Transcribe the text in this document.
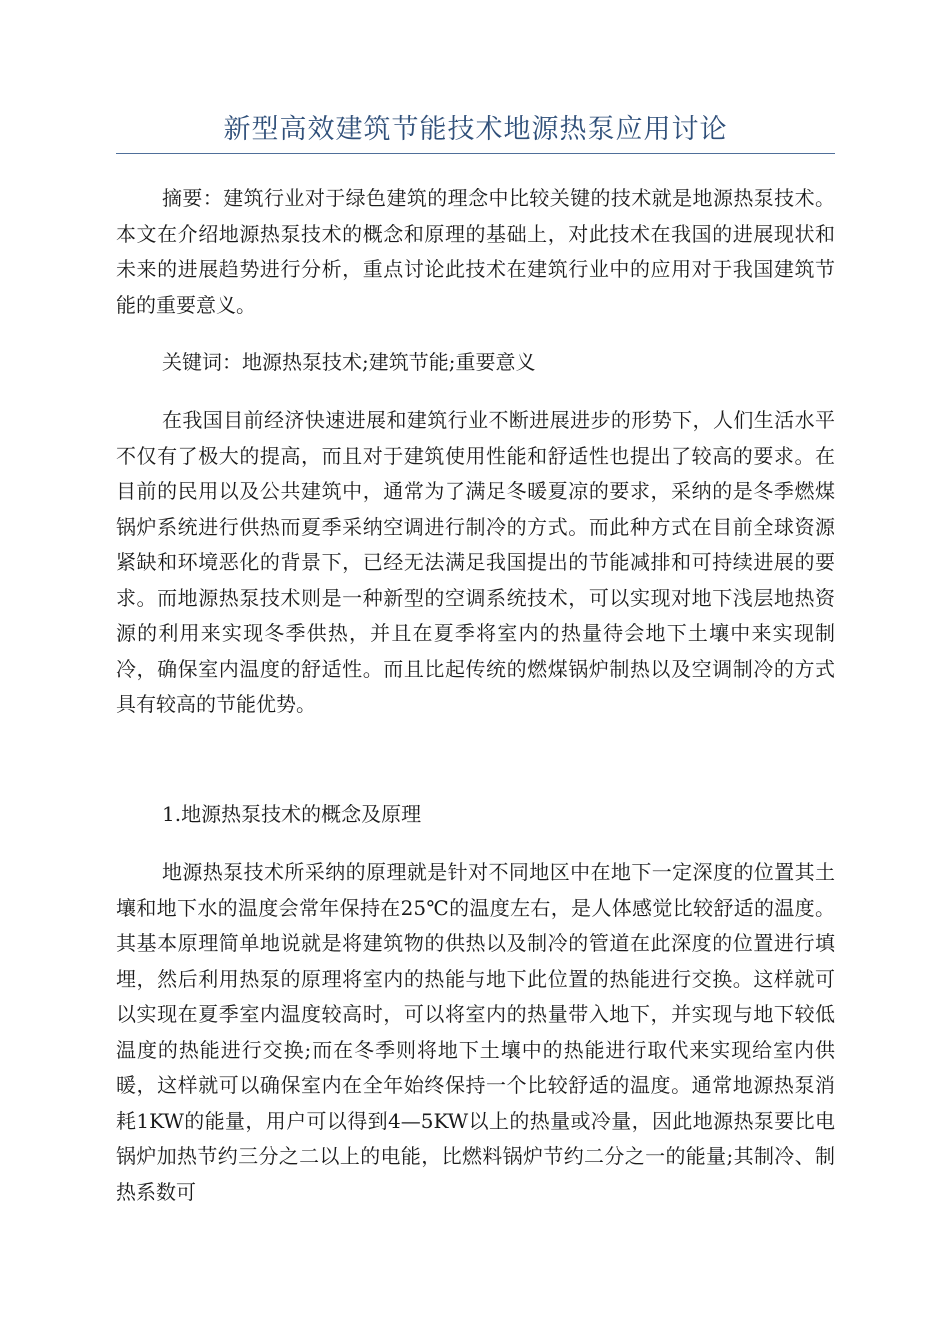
新型高效建筑节能技术地源热泵应用讨论

摘要：建筑行业对于绿色建筑的理念中比较关键的技术就是地源热泵技术。本文在介绍地源热泵技术的概念和原理的基础上，对此技术在我国的进展现状和未来的进展趋势进行分析，重点讨论此技术在建筑行业中的应用对于我国建筑节能的重要意义。

关键词：地源热泵技术;建筑节能;重要意义

在我国目前经济快速进展和建筑行业不断进展进步的形势下，人们生活水平不仅有了极大的提高，而且对于建筑使用性能和舒适性也提出了较高的要求。在目前的民用以及公共建筑中，通常为了满足冬暖夏凉的要求，采纳的是冬季燃煤锅炉系统进行供热而夏季采纳空调进行制冷的方式。而此种方式在目前全球资源紧缺和环境恶化的背景下，已经无法满足我国提出的节能减排和可持续进展的要求。而地源热泵技术则是一种新型的空调系统技术，可以实现对地下浅层地热资源的利用来实现冬季供热，并且在夏季将室内的热量待会地下土壤中来实现制冷，确保室内温度的舒适性。而且比起传统的燃煤锅炉制热以及空调制冷的方式具有较高的节能优势。

1.地源热泵技术的概念及原理

地源热泵技术所采纳的原理就是针对不同地区中在地下一定深度的位置其土壤和地下水的温度会常年保持在25℃的温度左右，是人体感觉比较舒适的温度。其基本原理简单地说就是将建筑物的供热以及制冷的管道在此深度的位置进行填埋，然后利用热泵的原理将室内的热能与地下此位置的热能进行交换。这样就可以实现在夏季室内温度较高时，可以将室内的热量带入地下，并实现与地下较低温度的热能进行交换;而在冬季则将地下土壤中的热能进行取代来实现给室内供暖，这样就可以确保室内在全年始终保持一个比较舒适的温度。通常地源热泵消耗1KW的能量，用户可以得到4—5KW以上的热量或冷量，因此地源热泵要比电锅炉加热节约三分之二以上的电能，比燃料锅炉节约二分之一的能量;其制冷、制热系数可
